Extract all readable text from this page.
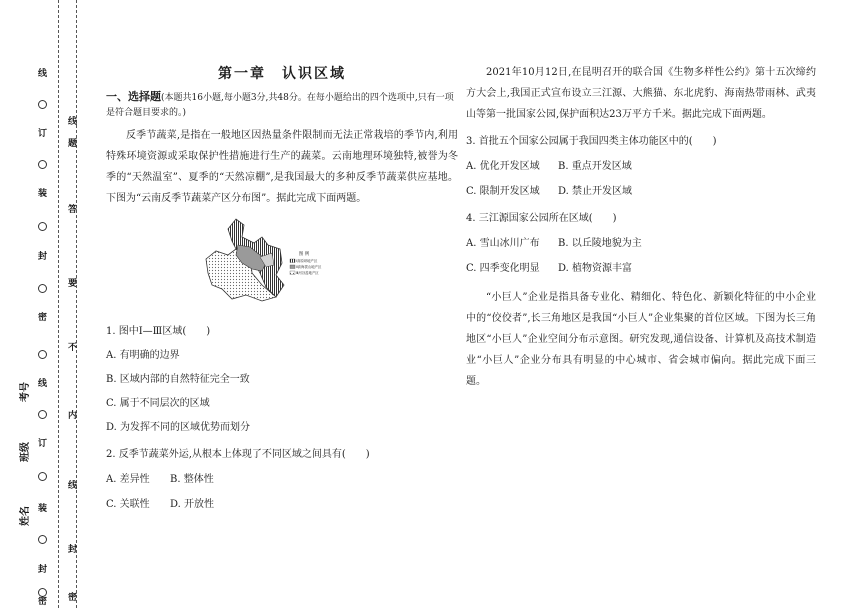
线
订
装
封
密
线
订
装
封
密
线
题
答
要
不
内
线
封
密
考号
班级
姓名
第一章　认识区域
一、选择题(本题共16小题,每小题3分,共48分。在每小题给出的四个选项中,只有一项是符合题目要求的。)

反季节蔬菜,是指在一般地区因热量条件限制而无法正常栽培的季节内,利用特殊环境资源或采取保护性措施进行生产的蔬菜。云南地理环境独特,被誉为冬季的“天然温室”、夏季的“天然凉棚”,是我国最大的多种反季节蔬菜供应基地。下图为“云南反季节蔬菜产区分布图”。据此完成下面两题。

图 例
Ⅰ高原坝地产区
Ⅱ高海拔山地产区
Ⅲ河谷盆地产区
1. 图中Ⅰ—Ⅲ区域(　　)
A. 有明确的边界
B. 区域内部的自然特征完全一致
C. 属于不同层次的区域
D. 为发挥不同的区域优势而划分
2. 反季节蔬菜外运,从根本上体现了不同区域之间具有(　　)
A. 差异性	B. 整体性
C. 关联性	D. 开放性

2021年10月12日,在昆明召开的联合国《生物多样性公约》第十五次缔约方大会上,我国正式宣布设立三江源、大熊猫、东北虎豹、海南热带雨林、武夷山等第一批国家公园,保护面积达23万平方千米。据此完成下面两题。

3. 首批五个国家公园属于我国四类主体功能区中的(　　)
A. 优化开发区域	B. 重点开发区域
C. 限制开发区域	D. 禁止开发区域
4. 三江源国家公园所在区域(　　)
A. 雪山冰川广布	B. 以丘陵地貌为主
C. 四季变化明显	D. 植物资源丰富

“小巨人”企业是指具备专业化、精细化、特色化、新颖化特征的中小企业中的“佼佼者”,长三角地区是我国“小巨人”企业集聚的首位区域。下图为长三角地区“小巨人”企业空间分布示意图。研究发现,通信设备、计算机及高技术制造业“小巨人”企业分布具有明显的中心城市、省会城市偏向。据此完成下面三题。
